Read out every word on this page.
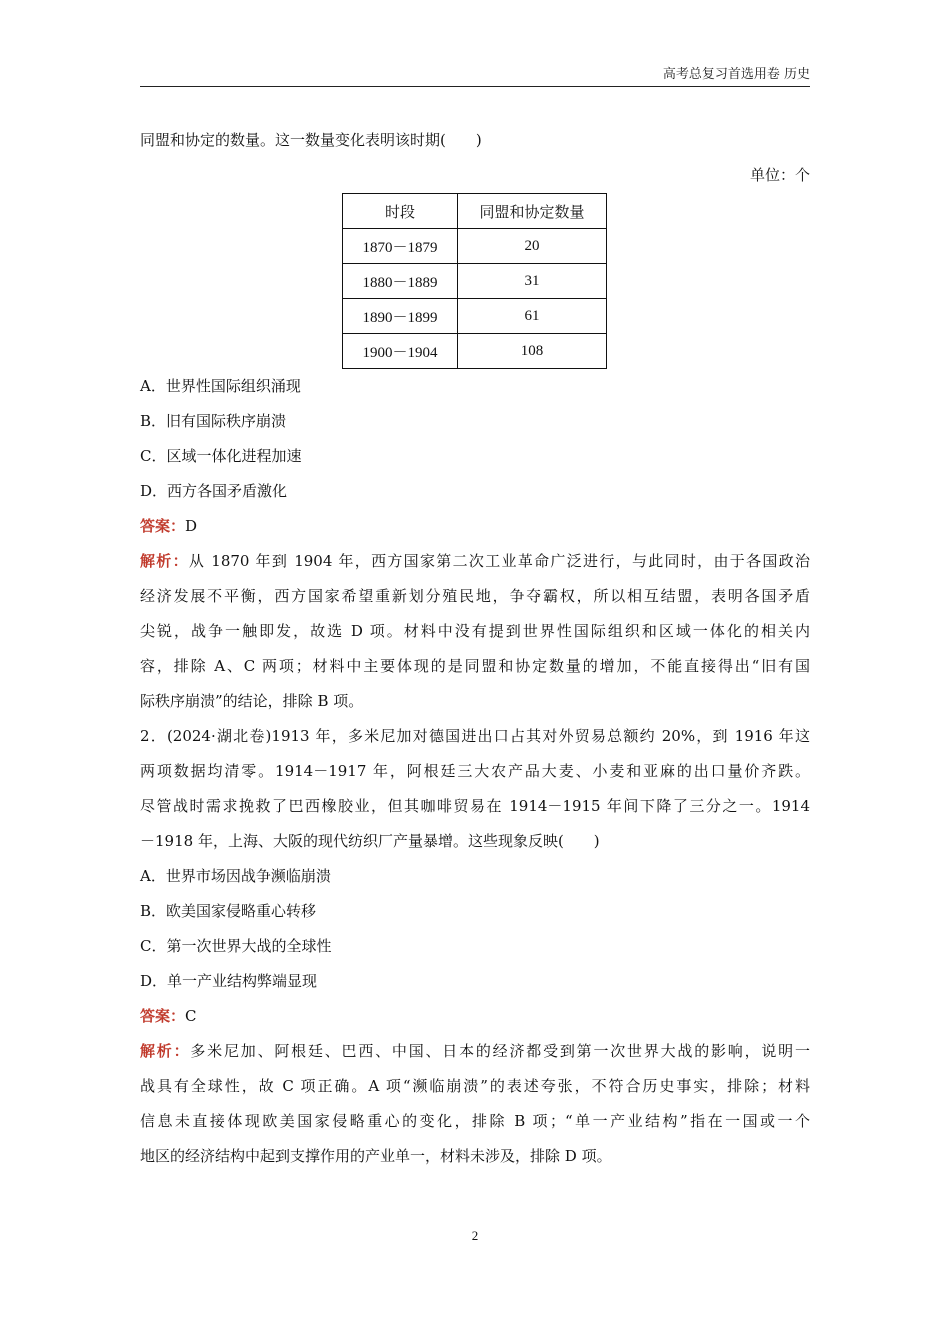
高考总复习首选用卷 历史
同盟和协定的数量。这一数量变化表明该时期(　　)
单位：个
时段	同盟和协定数量
1870－1879	20
1880－1889	31
1890－1899	61
1900－1904	108
A．世界性国际组织涌现
B．旧有国际秩序崩溃
C．区域一体化进程加速
D．西方各国矛盾激化
答案：D
解析：从 1870 年到 1904 年，西方国家第二次工业革命广泛进行，与此同时，由于各国政治
经济发展不平衡，西方国家希望重新划分殖民地，争夺霸权，所以相互结盟，表明各国矛盾
尖锐，战争一触即发，故选 D 项。材料中没有提到世界性国际组织和区域一体化的相关内
容，排除 A、C 两项；材料中主要体现的是同盟和协定数量的增加，不能直接得出“旧有国
际秩序崩溃”的结论，排除 B 项。
2．(2024·湖北卷)1913 年，多米尼加对德国进出口占其对外贸易总额约 20%，到 1916 年这
两项数据均清零。1914－1917 年，阿根廷三大农产品大麦、小麦和亚麻的出口量价齐跌。
尽管战时需求挽救了巴西橡胶业，但其咖啡贸易在 1914－1915 年间下降了三分之一。1914
－1918 年，上海、大阪的现代纺织厂产量暴增。这些现象反映(　　)
A．世界市场因战争濒临崩溃
B．欧美国家侵略重心转移
C．第一次世界大战的全球性
D．单一产业结构弊端显现
答案：C
解析：多米尼加、阿根廷、巴西、中国、日本的经济都受到第一次世界大战的影响，说明一
战具有全球性，故 C 项正确。A 项“濒临崩溃”的表述夸张，不符合历史事实，排除；材料
信息未直接体现欧美国家侵略重心的变化，排除 B 项；“单一产业结构”指在一国或一个
地区的经济结构中起到支撑作用的产业单一，材料未涉及，排除 D 项。
2
